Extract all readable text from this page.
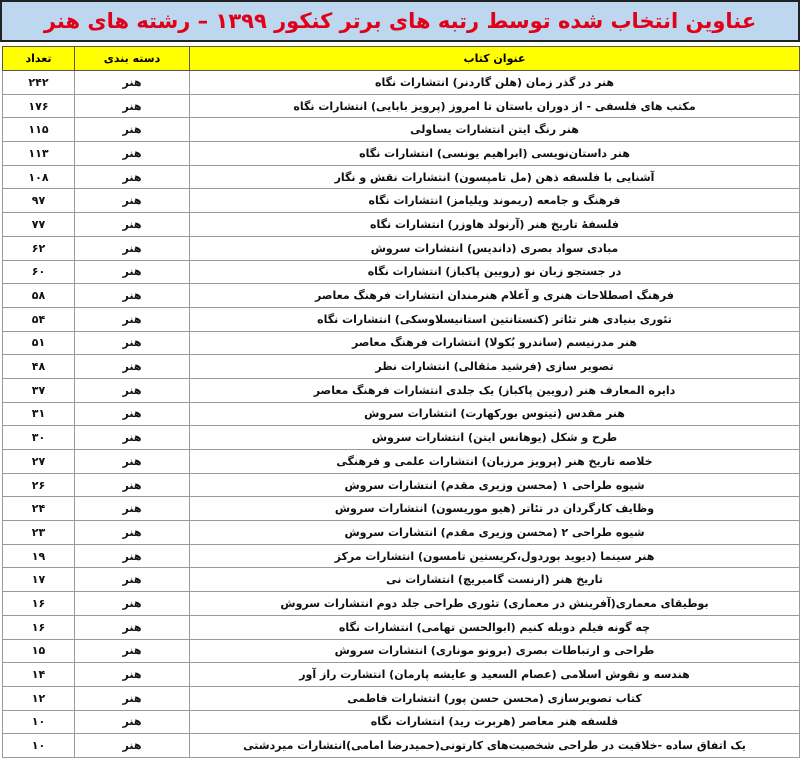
عناوین انتخاب شده توسط رتبه های برتر کنکور ۱۳۹۹ – رشته های هنر
عنوان کتاب	دسته بندی	تعداد
هنر در گذر زمان (هلن گاردنر) انتشارات نگاه	هنر	۲۴۲
مکتب های فلسفی - از دوران باستان تا امروز (پرویز بابایی) انتشارات نگاه	هنر	۱۷۶
هنر رنگ ایتن انتشارات یساولی	هنر	۱۱۵
هنر داستان‌نویسی (ابراهیم یونسی) انتشارات نگاه	هنر	۱۱۳
آشنایی با فلسفه ذهن (مل تامپسون) انتشارات نقش و نگار	هنر	۱۰۸
فرهنگ و جامعه (ریموند ویلیامز) انتشارات نگاه	هنر	۹۷
فلسفهٔ تاریخ هنر (آرنولد هاوزر) انتشارات نگاه	هنر	۷۷
مبادی سواد بصری (داندیس) انتشارات سروش	هنر	۶۲
در جستجو زبان نو (رویین پاکباز) انتشارات نگاه	هنر	۶۰
فرهنگ اصطلاحات هنری و آعلام هنرمندان انتشارات فرهنگ معاصر	هنر	۵۸
تئوری بنیادی هنر تئاتر (کنستانتین استانیسلاوسکی) انتشارات نگاه	هنر	۵۴
هنر مدرنیسم (ساندرو بُکولا) انتشارات فرهنگ معاصر	هنر	۵۱
تصویر سازی (فرشید مثقالی) انتشارات نظر	هنر	۴۸
دایره المعارف هنر (رویین پاکباز) یک جلدی انتشارات فرهنگ معاصر	هنر	۳۷
هنر مقدس (تیتوس بورکهارت) انتشارات سروش	هنر	۳۱
طرح و شکل (یوهانس ایتن) انتشارات سروش	هنر	۳۰
خلاصه تاریخ هنر (پرویز مرزبان) انتشارات علمی و فرهنگی	هنر	۲۷
شیوه طراحی ۱ (محسن وزیری مقدم) انتشارات سروش	هنر	۲۶
وظایف کارگردان در تئاتر (هیو موریسون) انتشارات سروش	هنر	۲۴
شیوه طراحی ۲ (محسن وزیری مقدم) انتشارات سروش	هنر	۲۳
هنر سینما (دیوید بوردول،کریستین تامسون) انتشارات مرکز	هنر	۱۹
تاریخ هنر (ارنست گامبریچ) انتشارات نی	هنر	۱۷
بوطیقای معماری(آفرینش در معماری) تئوری طراحی جلد دوم انتشارات سروش	هنر	۱۶
چه گونه فیلم دوبله کنیم (ابوالحسن تهامی) انتشارات نگاه	هنر	۱۶
طراحی و ارتباطات بصری (برونو موناری) انتشارات سروش	هنر	۱۵
هندسه و نقوش اسلامی (عصام السعید و عایشه پارمان) انتشارت راز آور	هنر	۱۴
کتاب تصویرسازی (محسن حسن پور) انتشارات فاطمی	هنر	۱۲
فلسفه هنر معاصر (هربرت رید) انتشارات نگاه	هنر	۱۰
یک اتفاق ساده -خلاقیت در طراحی شخصیت‌های کارتونی(حمیدرضا امامی)انتشارات میردشتی	هنر	۱۰
